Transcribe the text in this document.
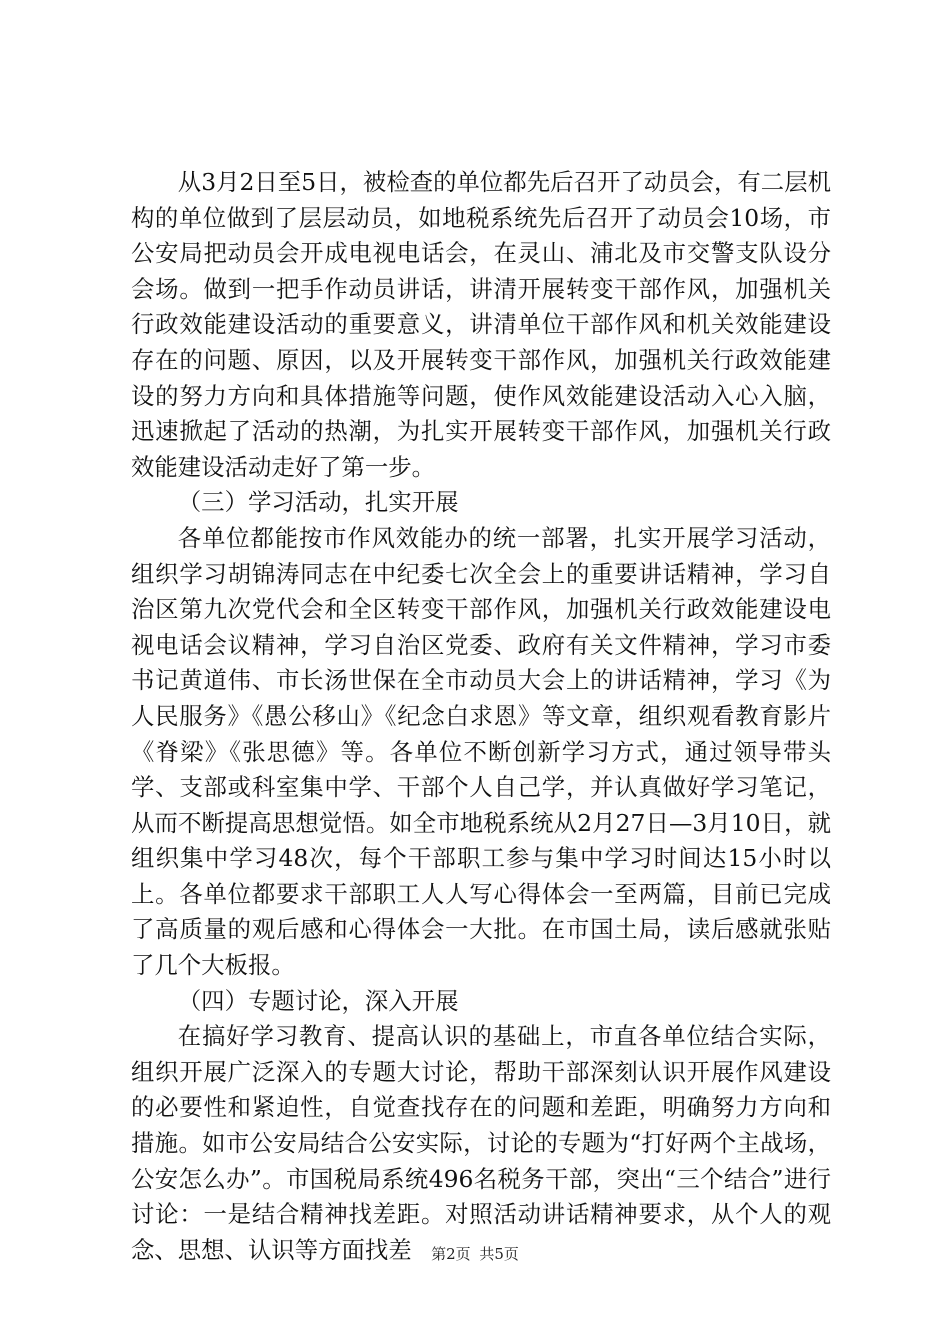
从3月2日至5日，被检查的单位都先后召开了动员会，有二层机构的单位做到了层层动员，如地税系统先后召开了动员会10场，市公安局把动员会开成电视电话会，在灵山、浦北及市交警支队设分会场。做到一把手作动员讲话，讲清开展转变干部作风，加强机关行政效能建设活动的重要意义，讲清单位干部作风和机关效能建设存在的问题、原因，以及开展转变干部作风，加强机关行政效能建设的努力方向和具体措施等问题，使作风效能建设活动入心入脑，迅速掀起了活动的热潮，为扎实开展转变干部作风，加强机关行政效能建设活动走好了第一步。

（三）学习活动，扎实开展

各单位都能按市作风效能办的统一部署，扎实开展学习活动，组织学习胡锦涛同志在中纪委七次全会上的重要讲话精神，学习自治区第九次党代会和全区转变干部作风，加强机关行政效能建设电视电话会议精神，学习自治区党委、政府有关文件精神，学习市委书记黄道伟、市长汤世保在全市动员大会上的讲话精神，学习《为人民服务》《愚公移山》《纪念白求恩》等文章，组织观看教育影片《脊梁》《张思德》等。各单位不断创新学习方式，通过领导带头学、支部或科室集中学、干部个人自己学，并认真做好学习笔记，从而不断提高思想觉悟。如全市地税系统从2月27日—3月10日，就组织集中学习48次，每个干部职工参与集中学习时间达15小时以上。各单位都要求干部职工人人写心得体会一至两篇，目前已完成了高质量的观后感和心得体会一大批。在市国土局，读后感就张贴了几个大板报。

（四）专题讨论，深入开展

在搞好学习教育、提高认识的基础上，市直各单位结合实际，组织开展广泛深入的专题大讨论，帮助干部深刻认识开展作风建设的必要性和紧迫性，自觉查找存在的问题和差距，明确努力方向和措施。如市公安局结合公安实际，讨论的专题为“打好两个主战场，公安怎么办”。市国税局系统496名税务干部，突出“三个结合”进行讨论：一是结合精神找差距。对照活动讲话精神要求，从个人的观念、思想、认识等方面找差	第2页 共5页
